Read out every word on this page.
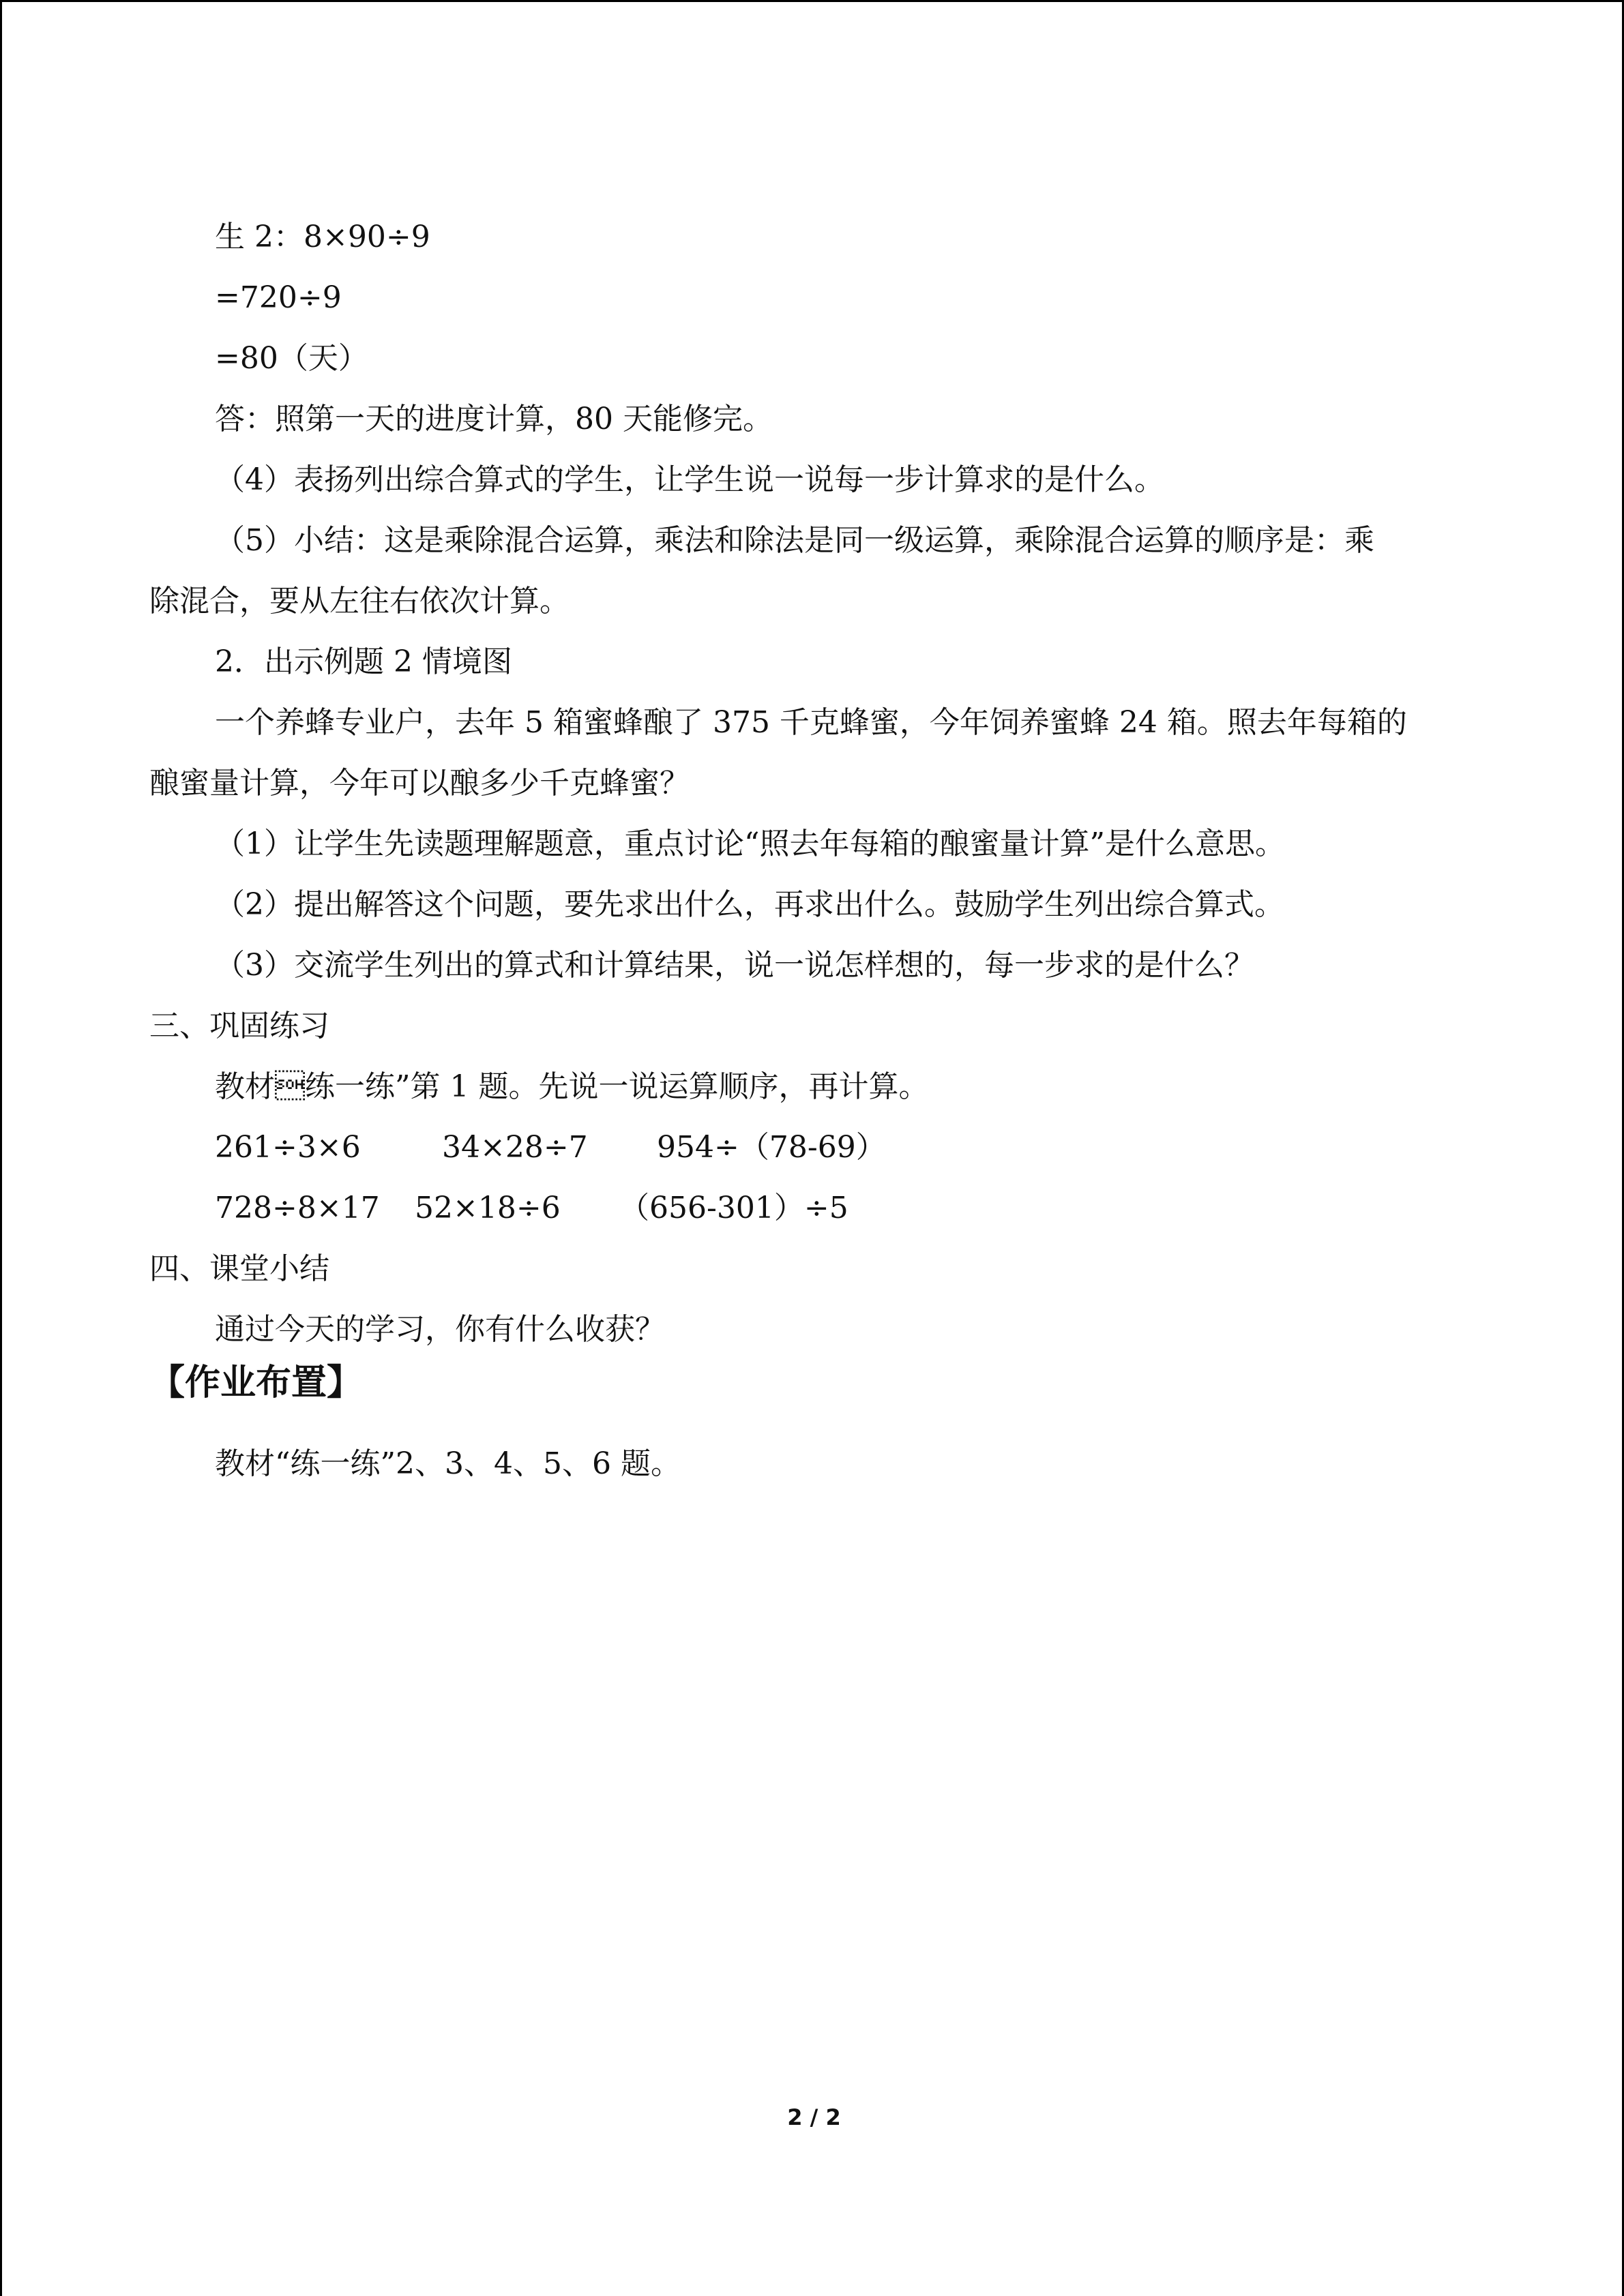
生 2：8×90÷9
=720÷9
=80（天）
答：照第一天的进度计算，80 天能修完。
（4）表扬列出综合算式的学生，让学生说一说每一步计算求的是什么。
（5）小结：这是乘除混合运算，乘法和除法是同一级运算，乘除混合运算的顺序是：乘
除混合，要从左往右依次计算。
2．出示例题 2 情境图
一个养蜂专业户，去年 5 箱蜜蜂酿了 375 千克蜂蜜，今年饲养蜜蜂 24 箱。照去年每箱的
酿蜜量计算，今年可以酿多少千克蜂蜜？
（1）让学生先读题理解题意，重点讨论“照去年每箱的酿蜜量计算”是什么意思。
（2）提出解答这个问题，要先求出什么，再求出什么。鼓励学生列出综合算式。
（3）交流学生列出的算式和计算结果，说一说怎样想的，每一步求的是什么？
三、巩固练习
教材练一练”第 1 题。先说一说运算顺序，再计算。
261÷3×6	34×28÷7 954÷（78-69）
728÷8×17 52×18÷6 （656-301）÷5
四、课堂小结
通过今天的学习，你有什么收获？
【作业布置】
教材“练一练”2、3、4、5、6 题。
2 / 2
